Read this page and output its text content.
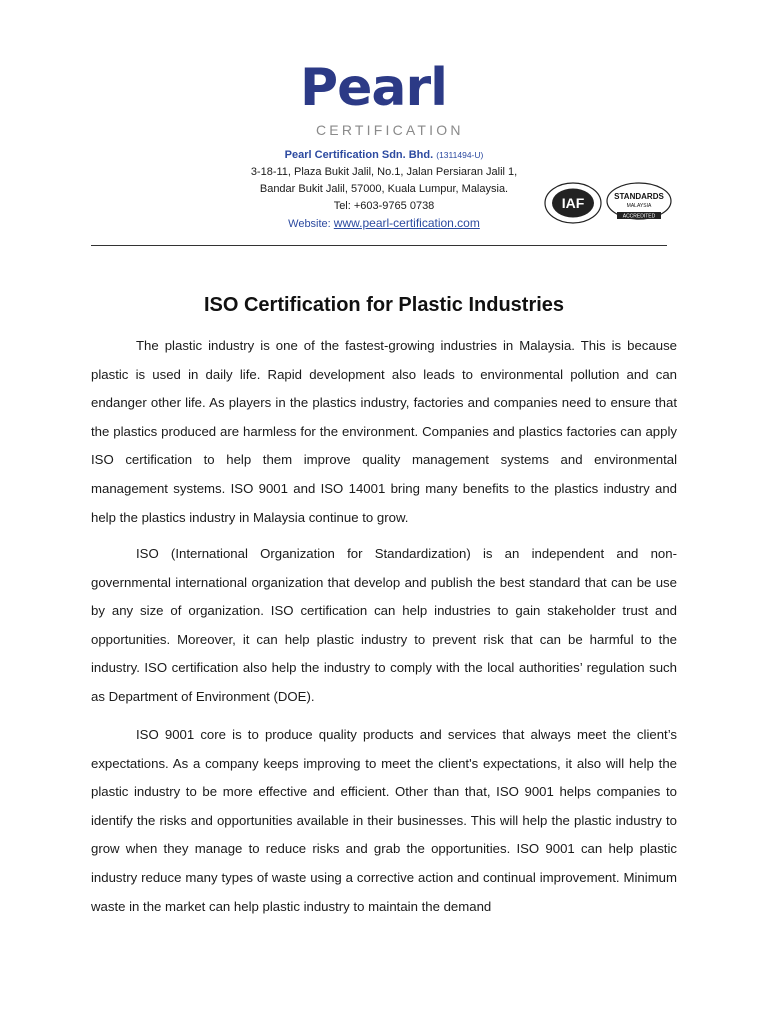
Pearl
CERTIFICATION
Pearl Certification Sdn. Bhd. (1311494-U)
3-18-11, Plaza Bukit Jalil, No.1, Jalan Persiaran Jalil 1,
Bandar Bukit Jalil, 57000, Kuala Lumpur, Malaysia.
Tel: +603-9765 0738
Website: www.pearl-certification.com
IAF	STANDARDS
MALAYSIA
ACCREDITED
ISO Certification for Plastic Industries

The plastic industry is one of the fastest-growing industries in Malaysia. This is because plastic is used in daily life. Rapid development also leads to environmental pollution and can endanger other life. As players in the plastics industry, factories and companies need to ensure that the plastics produced are harmless for the environment. Companies and plastics factories can apply ISO certification to help them improve quality management systems and environmental management systems. ISO 9001 and ISO 14001 bring many benefits to the plastics industry and help the plastics industry in Malaysia continue to grow.

ISO (International Organization for Standardization) is an independent and non-governmental international organization that develop and publish the best standard that can be use by any size of organization. ISO certification can help industries to gain stakeholder trust and opportunities. Moreover, it can help plastic industry to prevent risk that can be harmful to the industry. ISO certification also help the industry to comply with the local authorities’ regulation such as Department of Environment (DOE).

ISO 9001 core is to produce quality products and services that always meet the client’s expectations. As a company keeps improving to meet the client's expectations, it also will help the plastic industry to be more effective and efficient. Other than that, ISO 9001 helps companies to identify the risks and opportunities available in their businesses. This will help the plastic industry to grow when they manage to reduce risks and grab the opportunities. ISO 9001 can help plastic industry reduce many types of waste using a corrective action and continual improvement. Minimum waste in the market can help plastic industry to maintain the demand
